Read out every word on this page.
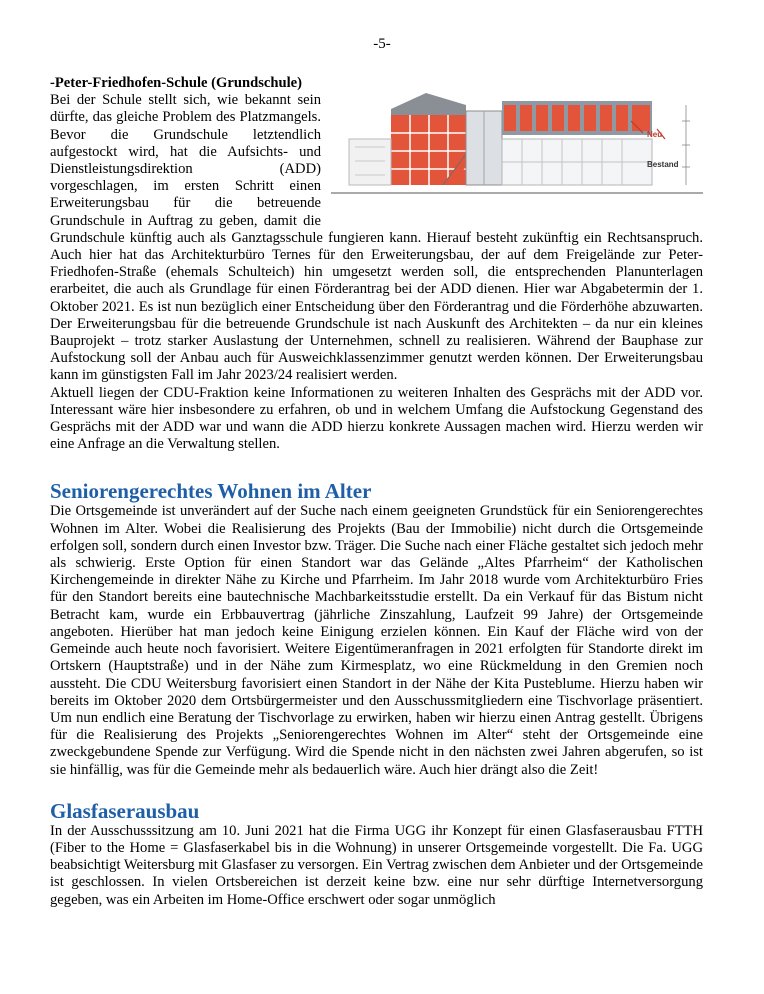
-5-
Neu
Bestand

-Peter-Friedhofen-Schule (Grundschule)

Bei der Schule stellt sich, wie bekannt sein dürfte, das gleiche Problem des Platzmangels. Bevor die Grundschule letztendlich aufgestockt wird, hat die Aufsichts- und Dienstleistungsdirektion (ADD) vorgeschlagen, im ersten Schritt einen Erweiterungsbau für die betreuende Grundschule in Auftrag zu geben, damit die Grundschule künftig auch als Ganztagsschule fungieren kann. Hierauf besteht zukünftig ein Rechtsanspruch. Auch hier hat das Architekturbüro Ternes für den Erweiterungsbau, der auf dem Freigelände zur Peter-Friedhofen-Straße (ehemals Schulteich) hin umgesetzt werden soll, die entsprechenden Planunterlagen erarbeitet, die auch als Grundlage für einen Förderantrag bei der ADD dienen. Hier war Abgabetermin der 1. Oktober 2021. Es ist nun bezüglich einer Entscheidung über den Förderantrag und die Förderhöhe abzuwarten. Der Erweiterungsbau für die betreuende Grundschule ist nach Auskunft des Architekten – da nur ein kleines Bauprojekt – trotz starker Auslastung der Unternehmen, schnell zu realisieren. Während der Bauphase zur Aufstockung soll der Anbau auch für Ausweichklassenzimmer genutzt werden können. Der Erweiterungsbau kann im günstigsten Fall im Jahr 2023/24 realisiert werden.

Aktuell liegen der CDU-Fraktion keine Informationen zu weiteren Inhalten des Gesprächs mit der ADD vor. Interessant wäre hier insbesondere zu erfahren, ob und in welchem Umfang die Aufstockung Gegenstand des Gesprächs mit der ADD war und wann die ADD hierzu konkrete Aussagen machen wird. Hierzu werden wir eine Anfrage an die Verwaltung stellen.

Seniorengerechtes Wohnen im Alter

Die Ortsgemeinde ist unverändert auf der Suche nach einem geeigneten Grundstück für ein Seniorengerechtes Wohnen im Alter. Wobei die Realisierung des Projekts (Bau der Immobilie) nicht durch die Ortsgemeinde erfolgen soll, sondern durch einen Investor bzw. Träger. Die Suche nach einer Fläche gestaltet sich jedoch mehr als schwierig. Erste Option für einen Standort war das Gelände „Altes Pfarrheim“ der Katholischen Kirchengemeinde in direkter Nähe zu Kirche und Pfarrheim. Im Jahr 2018 wurde vom Architekturbüro Fries für den Standort bereits eine bautechnische Machbarkeitsstudie erstellt. Da ein Verkauf für das Bistum nicht Betracht kam, wurde ein Erbbauvertrag (jährliche Zinszahlung, Laufzeit 99 Jahre) der Ortsgemeinde angeboten. Hierüber hat man jedoch keine Einigung erzielen können. Ein Kauf der Fläche wird von der Gemeinde auch heute noch favorisiert. Weitere Eigentümeranfragen in 2021 erfolgten für Standorte direkt im Ortskern (Hauptstraße) und in der Nähe zum Kirmesplatz, wo eine Rückmeldung in den Gremien noch aussteht. Die CDU Weitersburg favorisiert einen Standort in der Nähe der Kita Pusteblume. Hierzu haben wir bereits im Oktober 2020 dem Ortsbürgermeister und den Ausschussmitgliedern eine Tischvorlage präsentiert. Um nun endlich eine Beratung der Tischvorlage zu erwirken, haben wir hierzu einen Antrag gestellt. Übrigens für die Realisierung des Projekts „Seniorengerechtes Wohnen im Alter“ steht der Ortsgemeinde eine zweckgebundene Spende zur Verfügung. Wird die Spende nicht in den nächsten zwei Jahren abgerufen, so ist sie hinfällig, was für die Gemeinde mehr als bedauerlich wäre. Auch hier drängt also die Zeit!

Glasfaserausbau

In der Ausschusssitzung am 10. Juni 2021 hat die Firma UGG ihr Konzept für einen Glasfaserausbau FTTH (Fiber to the Home = Glasfaserkabel bis in die Wohnung) in unserer Ortsgemeinde vorgestellt. Die Fa. UGG beabsichtigt Weitersburg mit Glasfaser zu versorgen. Ein Vertrag zwischen dem Anbieter und der Ortsgemeinde ist geschlossen. In vielen Ortsbereichen ist derzeit keine bzw. eine nur sehr dürftige Internetversorgung gegeben, was ein Arbeiten im Home-Office erschwert oder sogar unmöglich
